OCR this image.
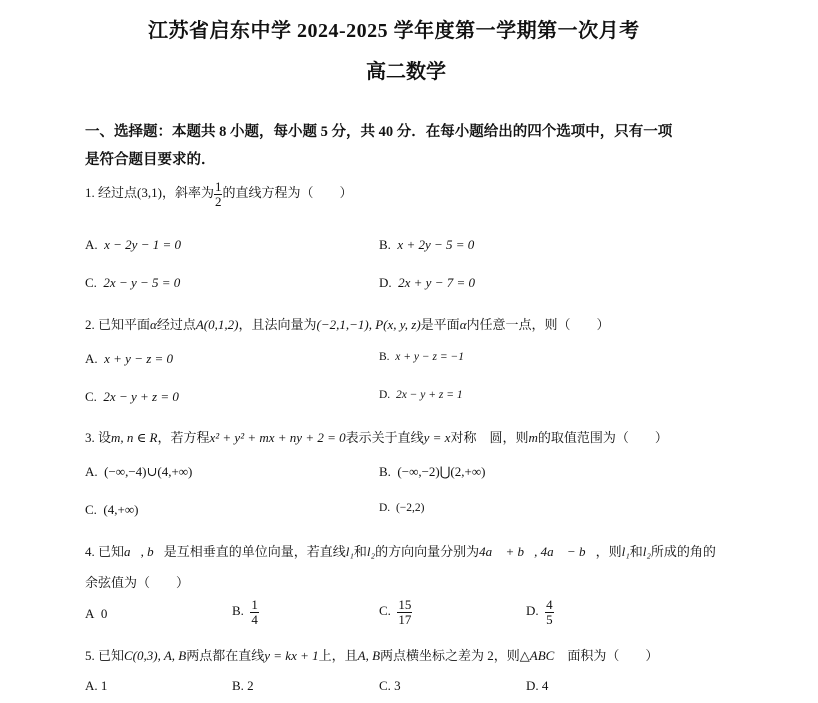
江苏省启东中学 2024-2025 学年度第一学期第一次月考
高二数学
一、选择题：本题共 8 小题，每小题 5 分，共 40 分．在每小题给出的四个选项中，只有一项
是符合题目要求的．
1. 经过点(3,1)，斜率为 $\frac{1}{2}$ 的直线方程为（　　）
A. x − 2y − 1 = 0	B. x + 2y − 5 = 0
C. 2x − y − 5 = 0	D. 2x + y − 7 = 0
2. 已知平面α经过点A(0,1,2)，且法向量为(−2,1,−1), P(x, y, z)是平面α内任意一点，则（　　）
A. x + y − z = 0	B. x + y − z = −1
C. 2x − y + z = 0	D. 2x − y + z = 1
3. 设m, n ∈ R，若方程x² + y² + mx + ny + 2 = 0表示关于直线y = x对称　圆，则m的取值范围为（　　）
A. (−∞,−4)∪(4,+∞)	B. (−∞,−2)⋃(2,+∞)
C. (4,+∞)	D. (−2,2)
4. 已知a⃗, b⃗是互相垂直的单位向量，若直线l₁和l₂的方向向量分别为4a⃗ + b⃗, 4a⃗ − b⃗，则l₁和l₂所成的角的
余弦值为（　　）
A 0	B. $\frac{1}{4}$	C. $\frac{15}{17}$	D. $\frac{4}{5}$
5. 已知C(0,3), A, B两点都在直线y = kx + 1上，且A, B两点横坐标之差为 2，则△ABC　面积为（　　）
A. 1	B. 2	C. 3	D. 4
